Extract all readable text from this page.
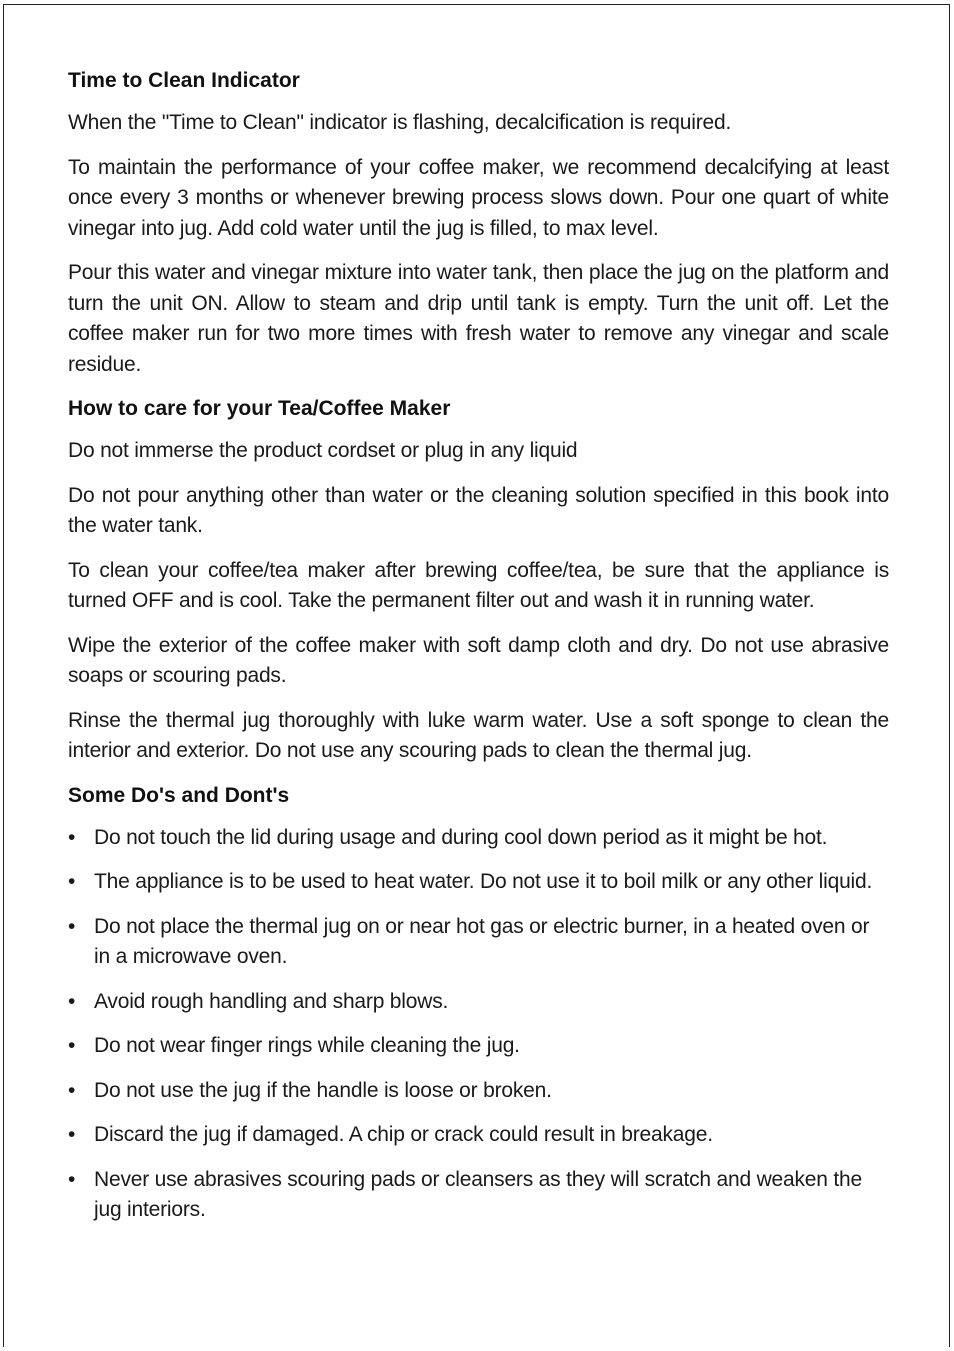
Time to Clean Indicator

When the "Time to Clean" indicator is flashing, decalcification is required.

To maintain the performance of your coffee maker, we recommend decalcifying at least once every 3 months or whenever brewing process slows down. Pour one quart of white vinegar into jug. Add cold water until the jug is filled, to max level.

Pour this water and vinegar mixture into water tank, then place the jug on the platform and turn the unit ON. Allow to steam and drip until tank is empty. Turn the unit off. Let the coffee maker run for two more times with fresh water to remove any vinegar and scale residue.

How to care for your Tea/Coffee Maker

Do not immerse the product cordset or plug in any liquid

Do not pour anything other than water or the cleaning solution specified in this book into the water tank.

To clean your coffee/tea maker after brewing coffee/tea, be sure that the appliance is turned OFF and is cool. Take the permanent filter out and wash it in running water.

Wipe the exterior of the coffee maker with soft damp cloth and dry. Do not use abrasive soaps or scouring pads.

Rinse the thermal jug thoroughly with luke warm water. Use a soft sponge to clean the interior and exterior. Do not use any scouring pads to clean the thermal jug.

Some Do's and Dont's
• Do not touch the lid during usage and during cool down period as it might be hot.
• The appliance is to be used to heat water. Do not use it to boil milk or any other liquid.
• Do not place the thermal jug on or near hot gas or electric burner, in a heated oven or in a microwave oven.
• Avoid rough handling and sharp blows.
• Do not wear finger rings while cleaning the jug.
• Do not use the jug if the handle is loose or broken.
• Discard the jug if damaged. A chip or crack could result in breakage.
• Never use abrasives scouring pads or cleansers as they will scratch and weaken the jug interiors.
